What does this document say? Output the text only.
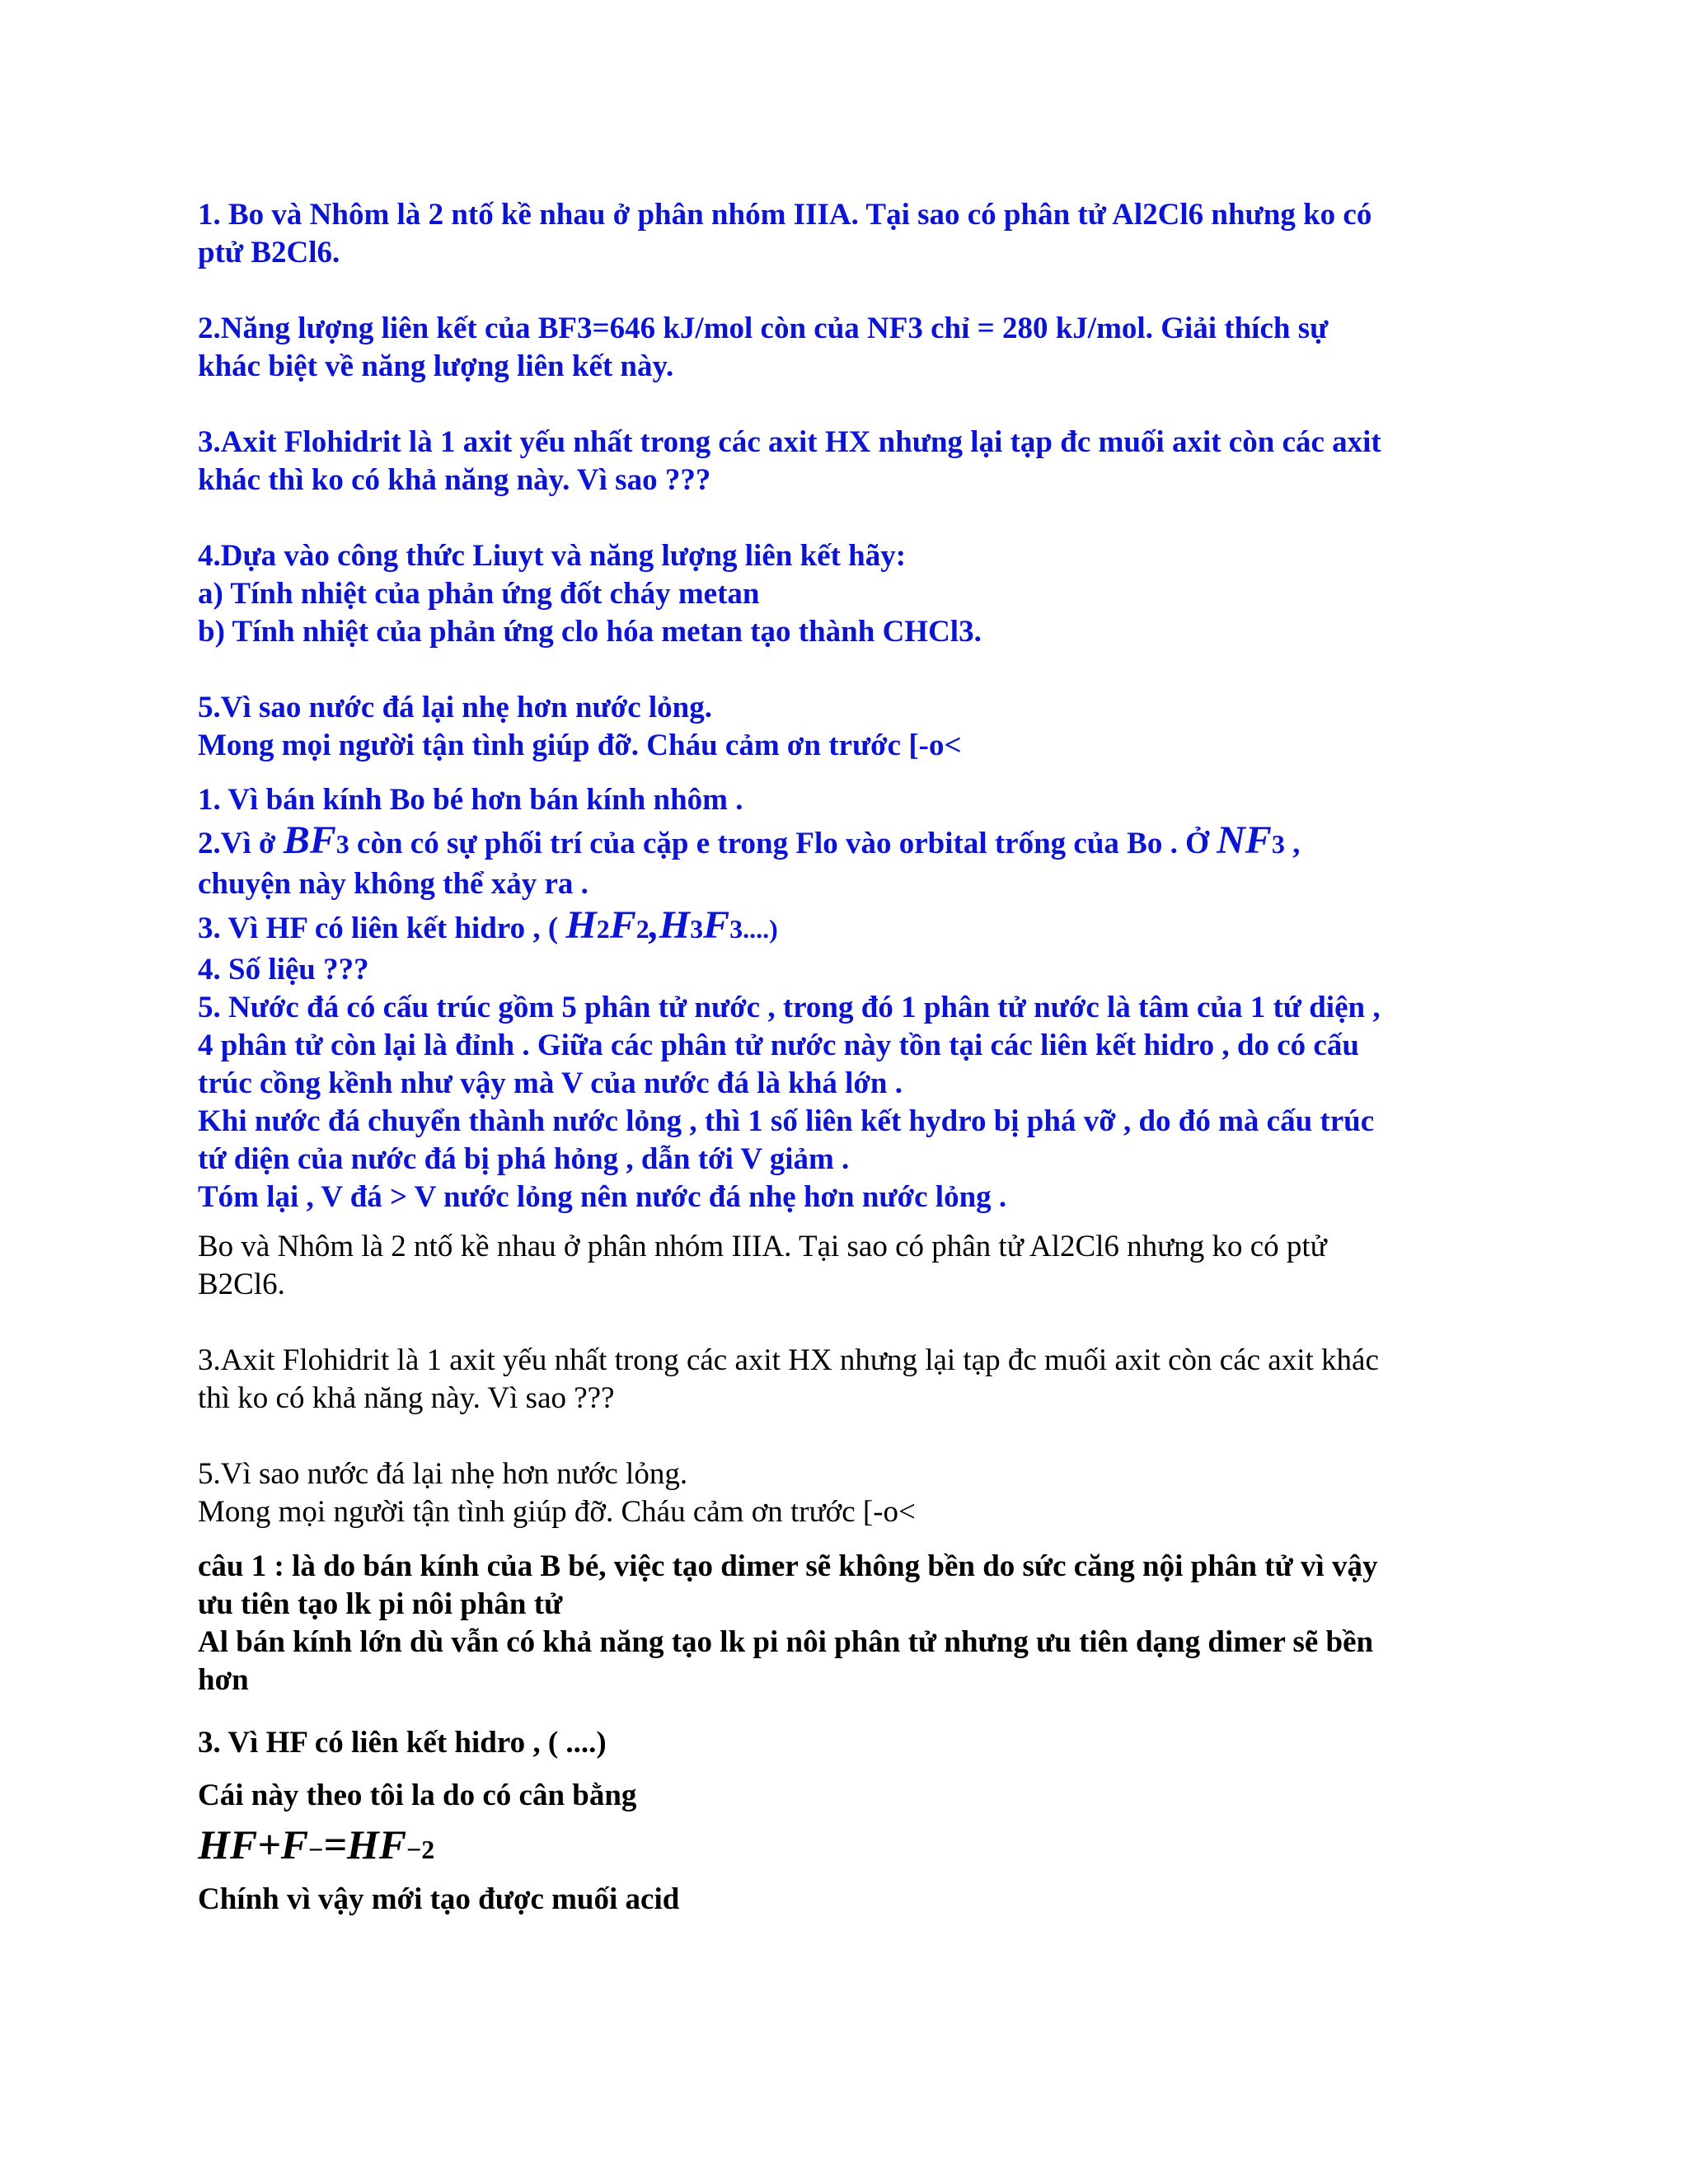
1. Bo và Nhôm là 2 ntố kề nhau ở phân nhóm IIIA. Tại sao có phân tử Al2Cl6 nhưng ko có
ptử B2Cl6.
2.Năng lượng liên kết của BF3=646 kJ/mol còn của NF3 chỉ = 280 kJ/mol. Giải thích sự
khác biệt về năng lượng liên kết này.
3.Axit Flohidrit là 1 axit yếu nhất trong các axit HX nhưng lại tạp đc muối axit còn các axit
khác thì ko có khả năng này. Vì sao ???
4.Dựa vào công thức Liuyt và năng lượng liên kết hãy:
a) Tính nhiệt của phản ứng đốt cháy metan
b) Tính nhiệt của phản ứng clo hóa metan tạo thành CHCl3.
5.Vì sao nước đá lại nhẹ hơn nước lỏng.
Mong mọi người tận tình giúp đỡ. Cháu cảm ơn trước [-o<
1. Vì bán kính Bo bé hơn bán kính nhôm .
2.Vì ở BF3 còn có sự phối trí của cặp e trong Flo vào orbital trống của Bo . Ở NF3 ,
chuyện này không thể xảy ra .
3. Vì HF có liên kết hidro , ( H2F2,H3F3....)
4. Số liệu ???
5. Nước đá có cấu trúc gồm 5 phân tử nước , trong đó 1 phân tử nước là tâm của 1 tứ diện ,
4 phân tử còn lại là đỉnh . Giữa các phân tử nước này tồn tại các liên kết hidro , do có cấu
trúc cồng kềnh như vậy mà V của nước đá là khá lớn .
Khi nước đá chuyển thành nước lỏng , thì 1 số liên kết hydro bị phá vỡ , do đó mà cấu trúc
tứ diện của nước đá bị phá hỏng , dẫn tới V giảm .
Tóm lại , V đá > V nước lỏng nên nước đá nhẹ hơn nước lỏng .
Bo và Nhôm là 2 ntố kề nhau ở phân nhóm IIIA. Tại sao có phân tử Al2Cl6 nhưng ko có ptử
B2Cl6.
3.Axit Flohidrit là 1 axit yếu nhất trong các axit HX nhưng lại tạp đc muối axit còn các axit khác
thì ko có khả năng này. Vì sao ???
5.Vì sao nước đá lại nhẹ hơn nước lỏng.
Mong mọi người tận tình giúp đỡ. Cháu cảm ơn trước [-o<
câu 1 : là do bán kính của B bé, việc tạo dimer sẽ không bền do sức căng nội phân tử vì vậy
ưu tiên tạo lk pi nôi phân tử
Al bán kính lớn dù vẫn có khả năng tạo lk pi nôi phân tử nhưng ưu tiên dạng dimer sẽ bền
hơn
3. Vì HF có liên kết hidro , ( ....)
Cái này theo tôi la do có cân bằng
HF+F−=HF−2
Chính vì vậy mới tạo được muối acid
